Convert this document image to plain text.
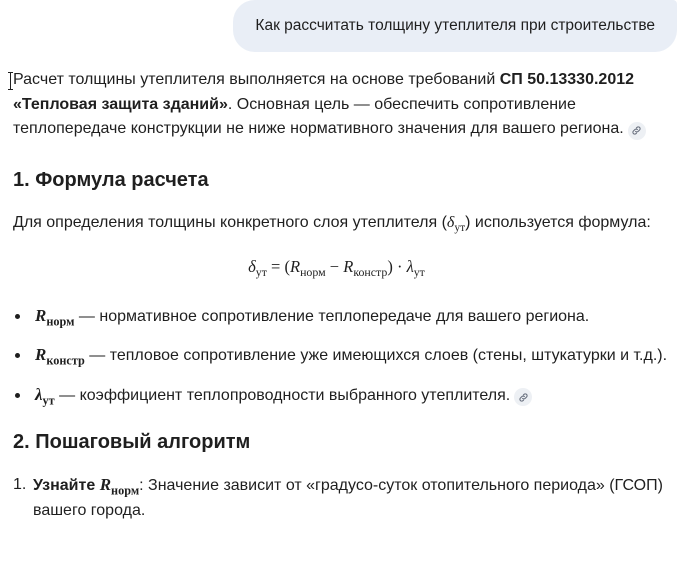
Как рассчитать толщину утеплителя при строительстве

Расчет толщины утеплителя выполняется на основе требований СП 50.13330.2012 «Тепловая защита зданий». Основная цель — обеспечить сопротивление теплопередаче конструкции не ниже нормативного значения для вашего региона.

1. Формула расчета

Для определения толщины конкретного слоя утеплителя $(\delta_{ут})$ используется формула:

$\delta_{ут} = (R_{норм} - R_{констр}) \cdot \lambda_{ут}$
$R_{норм}$ — нормативное сопротивление теплопередаче для вашего региона.
$R_{констр}$ — тепловое сопротивление уже имеющихся слоев (стены, штукатурки и т.д.).
$\lambda_{ут}$ — коэффициент теплопроводности выбранного утеплителя.
2. Пошаговый алгоритм
1. Узнайте $R_{норм}$: Значение зависит от «градусо-суток отопительного периода» (ГСОП) вашего города.
